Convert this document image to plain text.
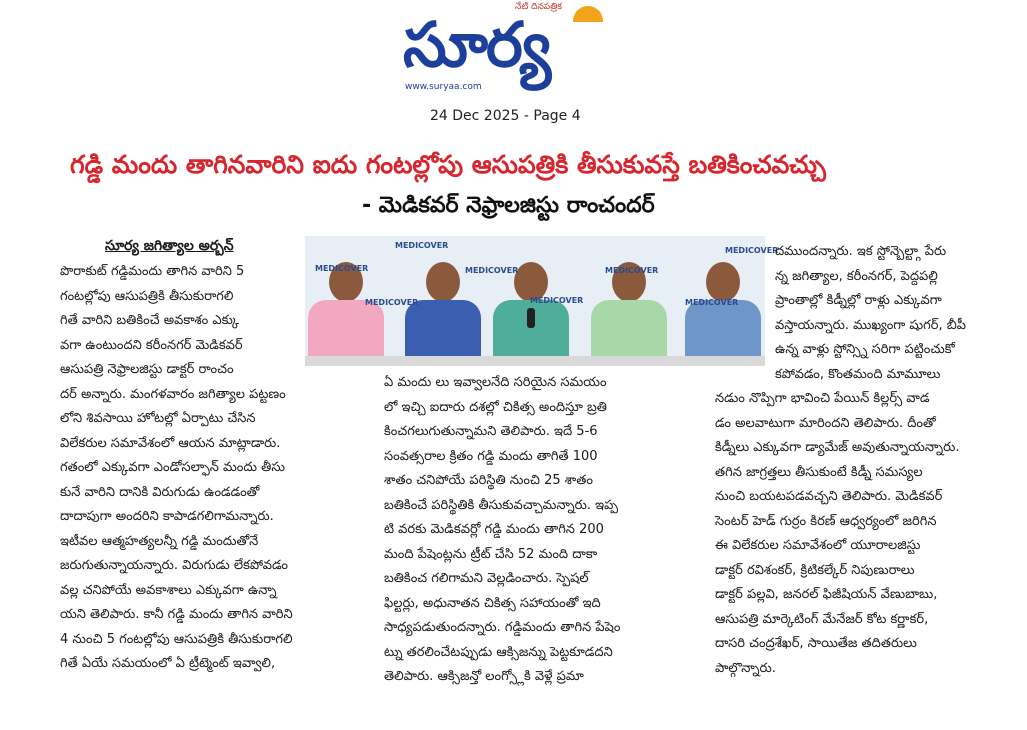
నేటి దినపత్రిక
సూర్య
www.suryaa.com
24 Dec 2025 - Page 4
గడ్డి మందు తాగినవారిని ఐదు గంటల్లోపు ఆసుపత్రికి తీసుకువస్తే బతికించవచ్చు
- మెడికవర్ నెఫ్రాలజిస్టు రాంచందర్
సూర్య జగిత్యాల అర్బన్
MEDICOVER
MEDICOVER
MEDICOVER
MEDICOVER
MEDICOVER
MEDICOVER
MEDICOVER
MEDICOVER
పొరాకుట్ గడ్డిమందు తాగిన వారిని 5
గంటల్లోపు ఆసుపత్రికి తీసుకురాగలి
గితే వారిని బతికించే అవకాశం ఎక్కు
వగా ఉంటుందని కరీంనగర్ మెడికవర్
ఆసుపత్రి నెఫ్రాలజిస్టు డాక్టర్ రాంచం
దర్ అన్నారు. మంగళవారం జగిత్యాల పట్టణం
లోని శివసాయి హోటల్లో ఏర్పాటు చేసిన
విలేకరుల సమావేశంలో ఆయన మాట్లాడారు.
గతంలో ఎక్కువగా ఎండోసల్ఫాన్ మందు తీసు
కునే వారిని దానికి విరుగుడు ఉండడంతో
దాదాపుగా అందరిని కాపాడగలిగామన్నారు.
ఇటీవల ఆత్మహత్యలన్నీ గడ్డి మందుతోనే
జరుగుతున్నాయన్నారు. విరుగుడు లేకపోవడం
వల్ల చనిపోయే అవకాశాలు ఎక్కువగా ఉన్నా
యని తెలిపారు. కానీ గడ్డి మందు తాగిన వారిని
4 నుంచి 5 గంటల్లోపు ఆసుపత్రికి తీసుకురాగలి
గితే ఏయే సమయంలో ఏ ట్రీట్మెంట్ ఇవ్వాలి,
ఏ మందు లు ఇవ్వాలనేది సరియైన సమయం
లో ఇచ్చి ఐదారు దశల్లో చికిత్స అందిస్తూ బ్రతి
కించగలుగుతున్నామని తెలిపారు. ఇదే 5-6
సంవత్సరాల క్రితం గడ్డి మందు తాగితే 100
శాతం చనిపోయే పరిస్థితి నుంచి 25 శాతం
బతికించే పరిస్థితికి తీసుకువచ్చామన్నారు. ఇప్ప
టి వరకు మెడికవర్లో గడ్డి మందు తాగిన 200
మంది పేషెంట్లను ట్రీట్ చేసి 52 మంది దాకా
బతికించ గలిగామని వెల్లడించారు. స్పెషల్
ఫిల్టర్లు, అధునాతన చికిత్స సహాయంతో ఇది
సాధ్యపడుతుందన్నారు. గడ్డిమందు తాగిన పేషెం
ట్ను తరలించేటప్పుడు ఆక్సిజన్ను పెట్టకూడదని
తెలిపారు. ఆక్సిజన్తో లంగ్స్లోకి వెళ్లే ప్రమా
దముందన్నారు. ఇక స్టోన్బెల్ట్గా పేరు
న్న జగిత్యాల, కరీంనగర్, పెద్దపల్లి
ప్రాంతాల్లో కిడ్నీల్లో రాళ్లు ఎక్కువగా
వస్తాయన్నారు. ముఖ్యంగా షుగర్, బీపీ
ఉన్న వాళ్లు స్టోన్స్ని సరిగా పట్టించుకో
కపోవడం, కొంతమంది మామూలు
నడుం నొప్పిగా భావించి పేయిన్ కిల్లర్స్ వాడ
డం అలవాటుగా మారిందని తెలిపారు. దీంతో
కిడ్నీలు ఎక్కువగా డ్యామేజ్ అవుతున్నాయన్నారు.
తగిన జాగ్రత్తలు తీసుకుంటే కిడ్నీ సమస్యల
నుంచి బయటపడవచ్చని తెలిపారు. మెడికవర్
సెంటర్ హెడ్ గుర్రం కిరణ్ ఆధ్వర్యంలో జరిగిన
ఈ విలేకరుల సమావేశంలో యూరాలజిస్టు
డాక్టర్ రవిశంకర్, క్రిటికల్కేర్ నిపుణురాలు
డాక్టర్ పల్లవి, జనరల్ ఫిజీషియన్ వేణుబాబు,
ఆసుపత్రి మార్కెటింగ్ మేనేజర్ కోట కర్ణాకర్,
దాసరి చంద్రశేఖర్, సాయితేజ తదితరులు
పాల్గొన్నారు.
